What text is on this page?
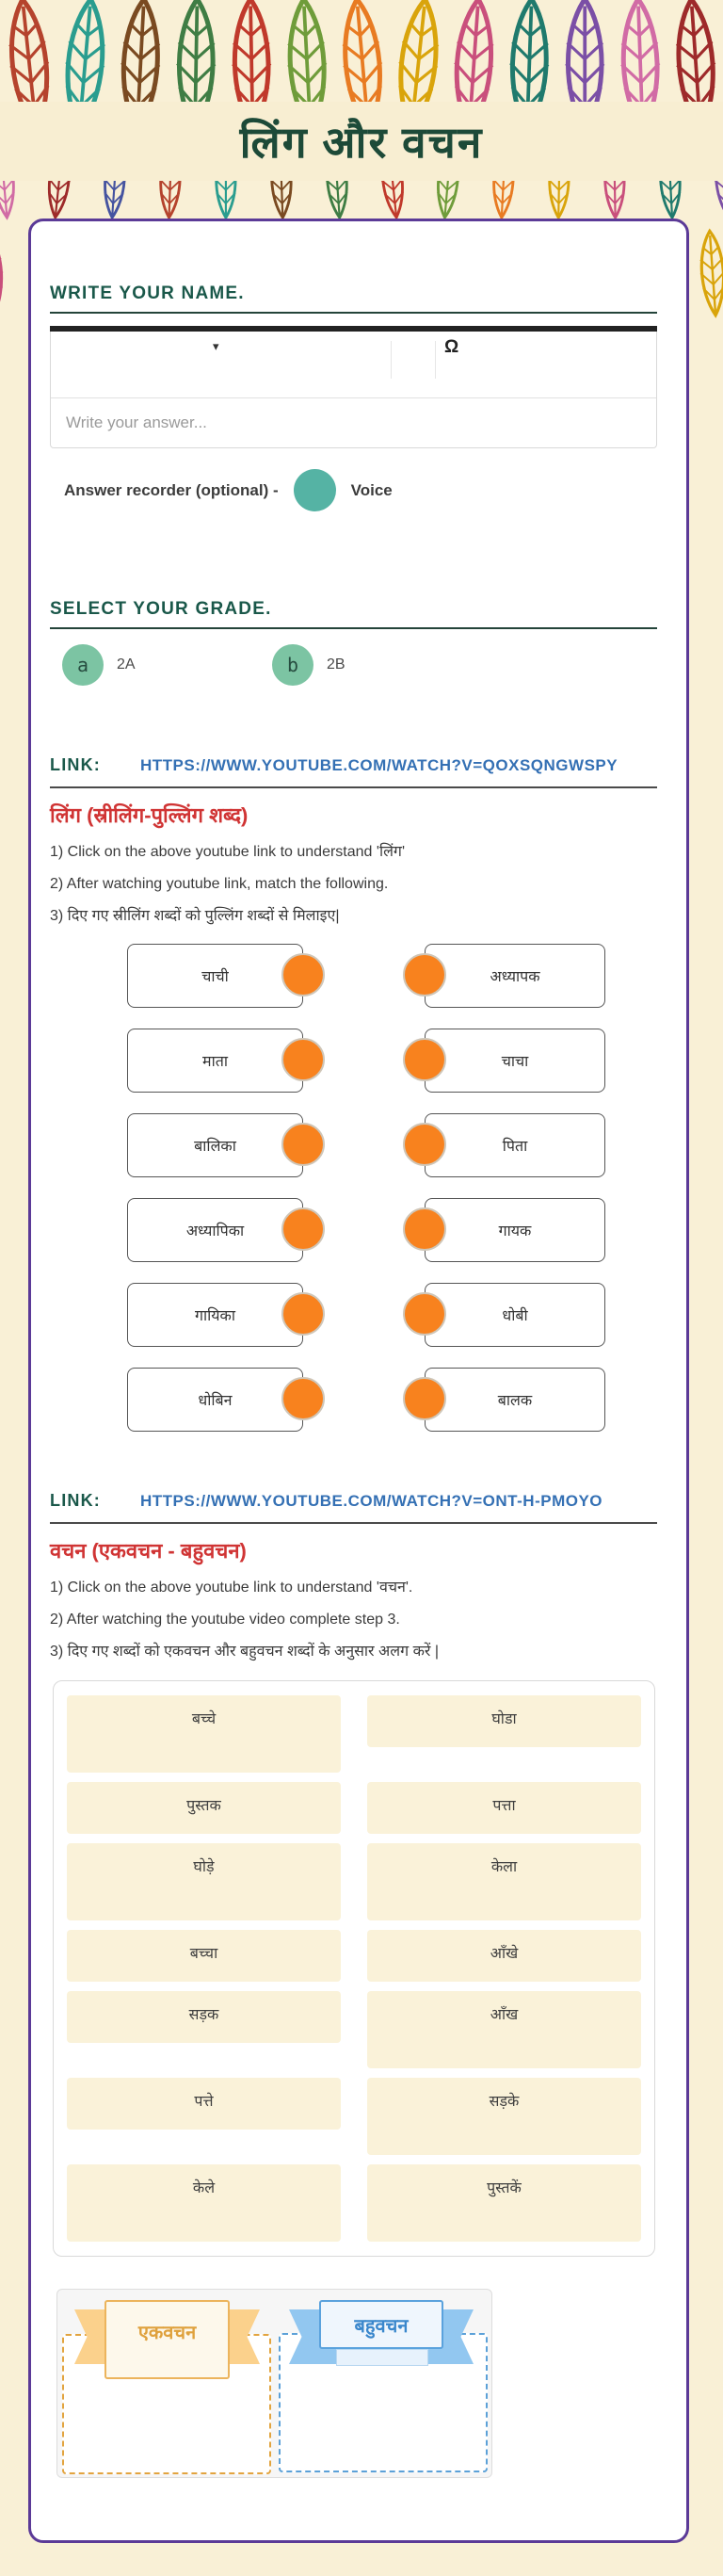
लिंग और वचन
WRITE YOUR NAME.
▾	Ω
Write your answer...
Answer recorder (optional) -	Voice
SELECT YOUR GRADE.
a	2A	b	2B
LINK: HTTPS://WWW.YOUTUBE.COM/WATCH?V=QOXSQNGWSPY
लिंग (स्रीलिंग-पुल्लिंग शब्द)
1) Click on the above youtube link to understand 'लिंग'
2) After watching youtube link, match the following.
3) दिए गए स्रीलिंग शब्दों को पुल्लिंग शब्दों से मिलाइए|
चाची	अध्यापक
माता	चाचा
बालिका	पिता
अध्यापिका	गायक
गायिका	धोबी
धोबिन	बालक
LINK: HTTPS://WWW.YOUTUBE.COM/WATCH?V=ONT-H-PMOYO
वचन (एकवचन - बहुवचन)
1) Click on the above youtube link to understand 'वचन'.
2) After watching the youtube video complete step 3.
3) दिए गए शब्दों को एकवचन और बहुवचन शब्दों के अनुसार अलग करें |
बच्चे	घोडा
पुस्तक	पत्ता
घोड़े	केला
बच्चा	आँखे
सड़क	आँख
पत्ते	सड़के
केले	पुस्तकें
एकवचन	बहुवचन
